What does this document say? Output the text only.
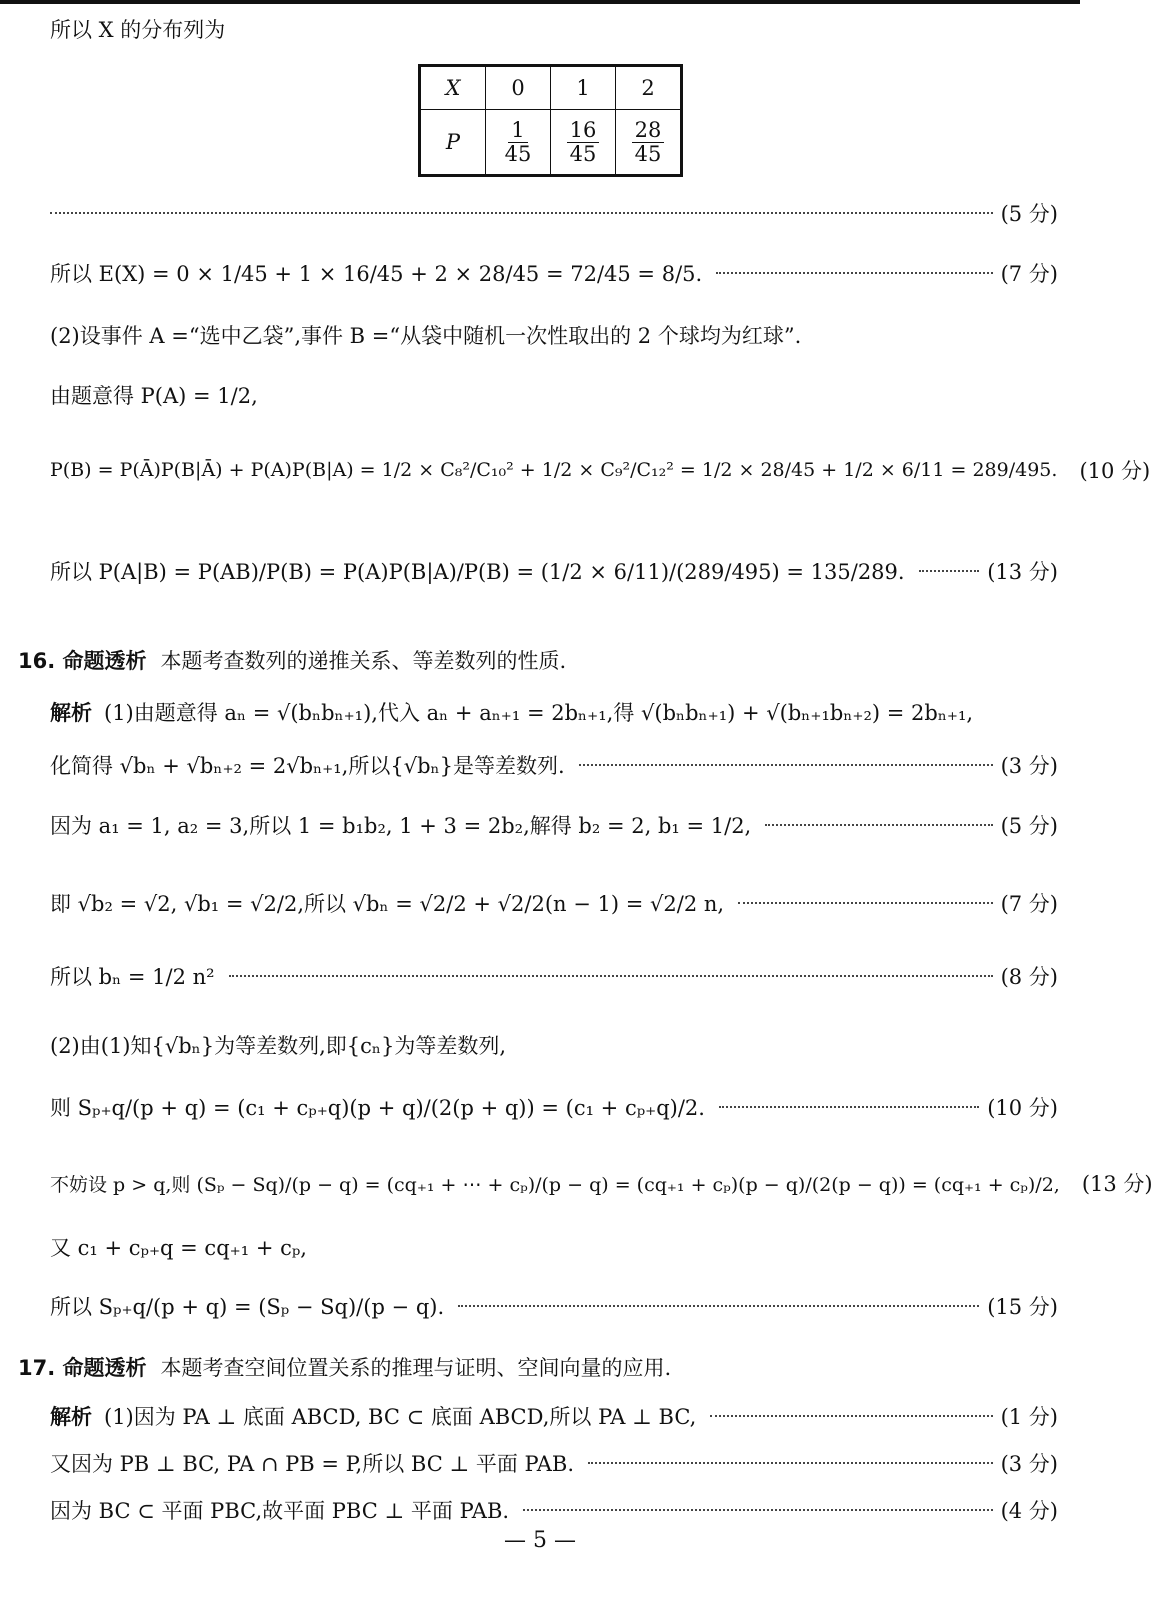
所以 X 的分布列为
X	0	1	2
P	$\frac{1}{45}$	$\frac{16}{45}$	$\frac{28}{45}$
(5 分)
所以 E(X) = 0 × 1/45 + 1 × 16/45 + 2 × 28/45 = 72/45 = 8/5.	(7 分)
(2)设事件 A =“选中乙袋”,事件 B =“从袋中随机一次性取出的 2 个球均为红球”.
由题意得 P(A) = 1/2,
P(B) = P(Ā)P(B|Ā) + P(A)P(B|A) = 1/2 × C₈²/C₁₀² + 1/2 × C₉²/C₁₂² = 1/2 × 28/45 + 1/2 × 6/11 = 289/495. (10 分)
所以 P(A|B) = P(AB)/P(B) = P(A)P(B|A)/P(B) = (1/2 × 6/11)/(289/495) = 135/289.	(13 分)
16. 命题透析 本题考查数列的递推关系、等差数列的性质.
解析 (1)由题意得 aₙ = √(bₙbₙ₊₁),代入 aₙ + aₙ₊₁ = 2bₙ₊₁,得 √(bₙbₙ₊₁) + √(bₙ₊₁bₙ₊₂) = 2bₙ₊₁,
化简得 √bₙ + √bₙ₊₂ = 2√bₙ₊₁,所以{√bₙ}是等差数列.	(3 分)
因为 a₁ = 1, a₂ = 3,所以 1 = b₁b₂, 1 + 3 = 2b₂,解得 b₂ = 2, b₁ = 1/2,	(5 分)
即 √b₂ = √2, √b₁ = √2/2,所以 √bₙ = √2/2 + √2/2(n − 1) = √2/2 n,	(7 分)
所以 bₙ = 1/2 n²	(8 分)
(2)由(1)知{√bₙ}为等差数列,即{cₙ}为等差数列,
则 Sₚ₊q/(p + q) = (c₁ + cₚ₊q)(p + q)/(2(p + q)) = (c₁ + cₚ₊q)/2.	(10 分)
不妨设 p > q,则 (Sₚ − Sq)/(p − q) = (cq₊₁ + ⋯ + cₚ)/(p − q) = (cq₊₁ + cₚ)(p − q)/(2(p − q)) = (cq₊₁ + cₚ)/2, (13 分)
又 c₁ + cₚ₊q = cq₊₁ + cₚ,
所以 Sₚ₊q/(p + q) = (Sₚ − Sq)/(p − q).	(15 分)
17. 命题透析 本题考查空间位置关系的推理与证明、空间向量的应用.
解析 (1)因为 PA ⊥ 底面 ABCD, BC ⊂ 底面 ABCD,所以 PA ⊥ BC,	(1 分)
又因为 PB ⊥ BC, PA ∩ PB = P,所以 BC ⊥ 平面 PAB.	(3 分)
因为 BC ⊂ 平面 PBC,故平面 PBC ⊥ 平面 PAB.	(4 分)
— 5 —
